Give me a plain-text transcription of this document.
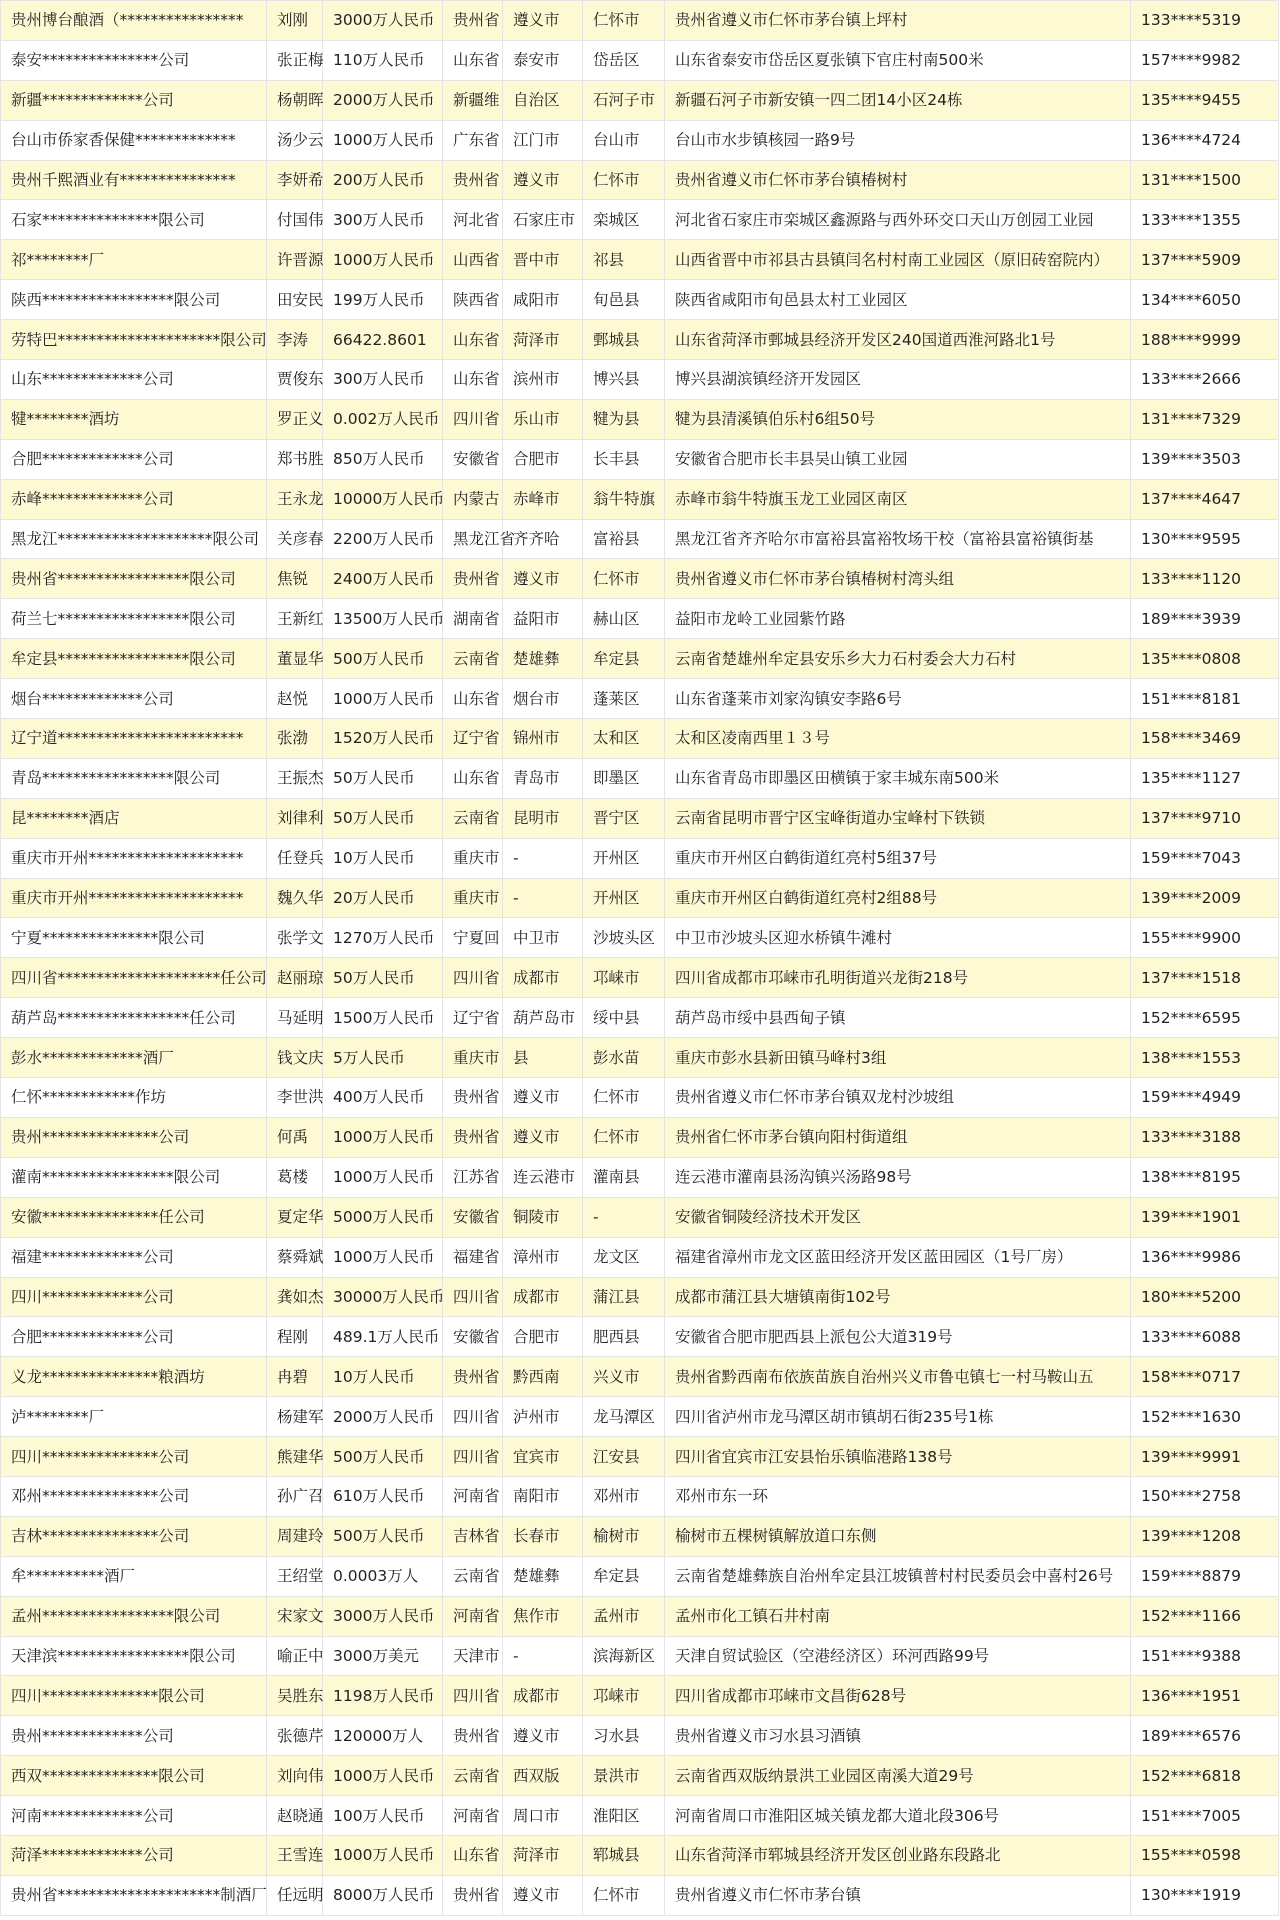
贵州博台酿酒（****************	刘刚	3000万人民币	贵州省	遵义市	仁怀市	贵州省遵义市仁怀市茅台镇上坪村	133****5319
泰安***************公司	张正梅	110万人民币	山东省	泰安市	岱岳区	山东省泰安市岱岳区夏张镇下官庄村南500米	157****9982
新疆*************公司	杨朝晖	2000万人民币	新疆维	自治区	石河子市	新疆石河子市新安镇一四二团14小区24栋	135****9455
台山市侨家香保健*************	汤少云	1000万人民币	广东省	江门市	台山市	台山市水步镇核园一路9号	136****4724
贵州千熙酒业有***************	李妍希	200万人民币	贵州省	遵义市	仁怀市	贵州省遵义市仁怀市茅台镇椿树村	131****1500
石家***************限公司	付国伟	300万人民币	河北省	石家庄市	栾城区	河北省石家庄市栾城区鑫源路与西外环交口天山万创园工业园	133****1355
祁********厂	许晋源	1000万人民币	山西省	晋中市	祁县	山西省晋中市祁县古县镇闫名村村南工业园区（原旧砖窑院内）	137****5909
陕西*****************限公司	田安民	199万人民币	陕西省	咸阳市	旬邑县	陕西省咸阳市旬邑县太村工业园区	134****6050
劳特巴*********************限公司	李涛	66422.8601	山东省	菏泽市	鄄城县	山东省菏泽市鄄城县经济开发区240国道西淮河路北1号	188****9999
山东*************公司	贾俊东	300万人民币	山东省	滨州市	博兴县	博兴县湖滨镇经济开发园区	133****2666
犍********酒坊	罗正义	0.002万人民币	四川省	乐山市	犍为县	犍为县清溪镇伯乐村6组50号	131****7329
合肥*************公司	郑书胜	850万人民币	安徽省	合肥市	长丰县	安徽省合肥市长丰县吴山镇工业园	139****3503
赤峰*************公司	王永龙	10000万人民币	内蒙古	赤峰市	翁牛特旗	赤峰市翁牛特旗玉龙工业园区南区	137****4647
黑龙江********************限公司	关彦春	2200万人民币	黑龙江省	齐齐哈	富裕县	黑龙江省齐齐哈尔市富裕县富裕牧场干校（富裕县富裕镇街基	130****9595
贵州省*****************限公司	焦锐	2400万人民币	贵州省	遵义市	仁怀市	贵州省遵义市仁怀市茅台镇椿树村湾头组	133****1120
荷兰七*****************限公司	王新红	13500万人民币	湖南省	益阳市	赫山区	益阳市龙岭工业园紫竹路	189****3939
牟定县*****************限公司	董显华	500万人民币	云南省	楚雄彝	牟定县	云南省楚雄州牟定县安乐乡大力石村委会大力石村	135****0808
烟台*************公司	赵悦	1000万人民币	山东省	烟台市	蓬莱区	山东省蓬莱市刘家沟镇安李路6号	151****8181
辽宁道************************	张渤	1520万人民币	辽宁省	锦州市	太和区	太和区凌南西里１３号	158****3469
青岛*****************限公司	王振杰	50万人民币	山东省	青岛市	即墨区	山东省青岛市即墨区田横镇于家丰城东南500米	135****1127
昆********酒店	刘律利	50万人民币	云南省	昆明市	晋宁区	云南省昆明市晋宁区宝峰街道办宝峰村下铁锁	137****9710
重庆市开州********************	任登兵	10万人民币	重庆市	-	开州区	重庆市开州区白鹤街道红亮村5组37号	159****7043
重庆市开州********************	魏久华	20万人民币	重庆市	-	开州区	重庆市开州区白鹤街道红亮村2组88号	139****2009
宁夏***************限公司	张学文	1270万人民币	宁夏回	中卫市	沙坡头区	中卫市沙坡头区迎水桥镇牛滩村	155****9900
四川省*********************任公司	赵丽琼	50万人民币	四川省	成都市	邛崃市	四川省成都市邛崃市孔明街道兴龙街218号	137****1518
葫芦岛*****************任公司	马延明	1500万人民币	辽宁省	葫芦岛市	绥中县	葫芦岛市绥中县西甸子镇	152****6595
彭水*************酒厂	钱文庆	5万人民币	重庆市	县	彭水苗	重庆市彭水县新田镇马峰村3组	138****1553
仁怀************作坊	李世洪	400万人民币	贵州省	遵义市	仁怀市	贵州省遵义市仁怀市茅台镇双龙村沙坡组	159****4949
贵州***************公司	何禹	1000万人民币	贵州省	遵义市	仁怀市	贵州省仁怀市茅台镇向阳村街道组	133****3188
灌南*****************限公司	葛楼	1000万人民币	江苏省	连云港市	灌南县	连云港市灌南县汤沟镇兴汤路98号	138****8195
安徽***************任公司	夏定华	5000万人民币	安徽省	铜陵市	-	安徽省铜陵经济技术开发区	139****1901
福建*************公司	蔡舜斌	1000万人民币	福建省	漳州市	龙文区	福建省漳州市龙文区蓝田经济开发区蓝田园区（1号厂房）	136****9986
四川*************公司	龚如杰	30000万人民币	四川省	成都市	蒲江县	成都市蒲江县大塘镇南街102号	180****5200
合肥*************公司	程刚	489.1万人民币	安徽省	合肥市	肥西县	安徽省合肥市肥西县上派包公大道319号	133****6088
义龙***************粮酒坊	冉碧	10万人民币	贵州省	黔西南	兴义市	贵州省黔西南布依族苗族自治州兴义市鲁屯镇七一村马鞍山五	158****0717
泸********厂	杨建军	2000万人民币	四川省	泸州市	龙马潭区	四川省泸州市龙马潭区胡市镇胡石街235号1栋	152****1630
四川***************公司	熊建华	500万人民币	四川省	宜宾市	江安县	四川省宜宾市江安县怡乐镇临港路138号	139****9991
邓州***************公司	孙广召	610万人民币	河南省	南阳市	邓州市	邓州市东一环	150****2758
吉林***************公司	周建玲	500万人民币	吉林省	长春市	榆树市	榆树市五棵树镇解放道口东侧	139****1208
牟**********酒厂	王绍堂	0.0003万人	云南省	楚雄彝	牟定县	云南省楚雄彝族自治州牟定县江坡镇普村村民委员会中喜村26号	159****8879
孟州*****************限公司	宋家文	3000万人民币	河南省	焦作市	孟州市	孟州市化工镇石井村南	152****1166
天津滨*****************限公司	喻正中	3000万美元	天津市	-	滨海新区	天津自贸试验区（空港经济区）环河西路99号	151****9388
四川***************限公司	吴胜东	1198万人民币	四川省	成都市	邛崃市	四川省成都市邛崃市文昌街628号	136****1951
贵州*************公司	张德芹	120000万人	贵州省	遵义市	习水县	贵州省遵义市习水县习酒镇	189****6576
西双***************限公司	刘向伟	1000万人民币	云南省	西双版	景洪市	云南省西双版纳景洪工业园区南溪大道29号	152****6818
河南*************公司	赵晓通	100万人民币	河南省	周口市	淮阳区	河南省周口市淮阳区城关镇龙都大道北段306号	151****7005
菏泽*************公司	王雪连	1000万人民币	山东省	菏泽市	郓城县	山东省菏泽市郓城县经济开发区创业路东段路北	155****0598
贵州省*********************制酒厂	任远明	8000万人民币	贵州省	遵义市	仁怀市	贵州省遵义市仁怀市茅台镇	130****1919
